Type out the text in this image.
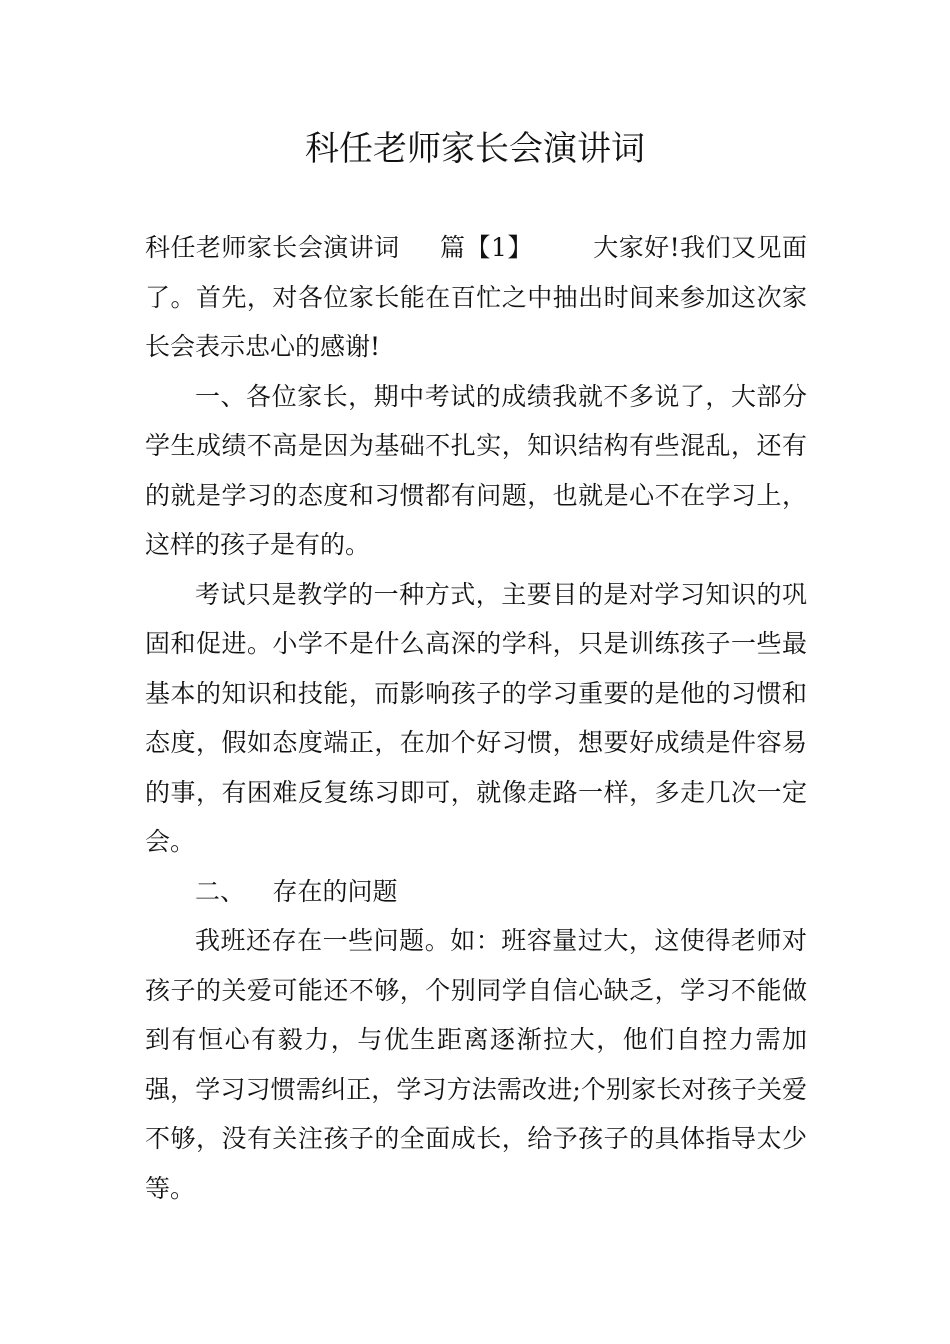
科任老师家长会演讲词

科任老师家长会演讲词 篇【1】 大家好!我们又见面了。首先，对各位家长能在百忙之中抽出时间来参加这次家长会表示忠心的感谢!

一、各位家长，期中考试的成绩我就不多说了，大部分学生成绩不高是因为基础不扎实，知识结构有些混乱，还有的就是学习的态度和习惯都有问题，也就是心不在学习上，这样的孩子是有的。

考试只是教学的一种方式，主要目的是对学习知识的巩固和促进。小学不是什么高深的学科，只是训练孩子一些最基本的知识和技能，而影响孩子的学习重要的是他的习惯和态度，假如态度端正，在加个好习惯，想要好成绩是件容易的事，有困难反复练习即可，就像走路一样，多走几次一定会。

二、 存在的问题

我班还存在一些问题。如：班容量过大，这使得老师对孩子的关爱可能还不够，个别同学自信心缺乏，学习不能做到有恒心有毅力，与优生距离逐渐拉大，他们自控力需加强，学习习惯需纠正，学习方法需改进;个别家长对孩子关爱不够，没有关注孩子的全面成长，给予孩子的具体指导太少等。
